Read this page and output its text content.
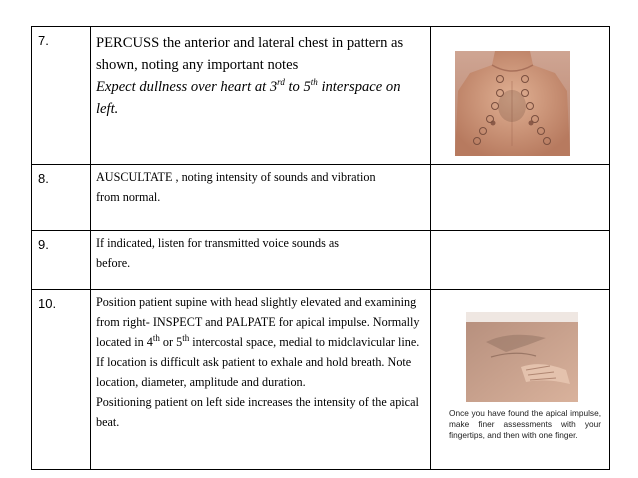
7.	PERCUSS the anterior and lateral chest in pattern as shown, noting any important notes
Expect dullness over heart at 3rd to 5th interspace on left.

8.	AUSCULTATE , noting intensity of sounds and vibration
from normal.	

9.	If indicated, listen for transmitted voice sounds as
before.	

10.	Position patient supine with head slightly elevated and examining from right- INSPECT and PALPATE for apical impulse. Normally located in 4th or 5th intercostal space, medial to midclavicular line. If location is difficult ask patient to exhale and hold breath. Note location, diameter, amplitude and duration.
Positioning patient on left side increases the intensity of the apical beat.	Once you have found the apical impulse, make finer assessments with your fingertips, and then with one finger.
